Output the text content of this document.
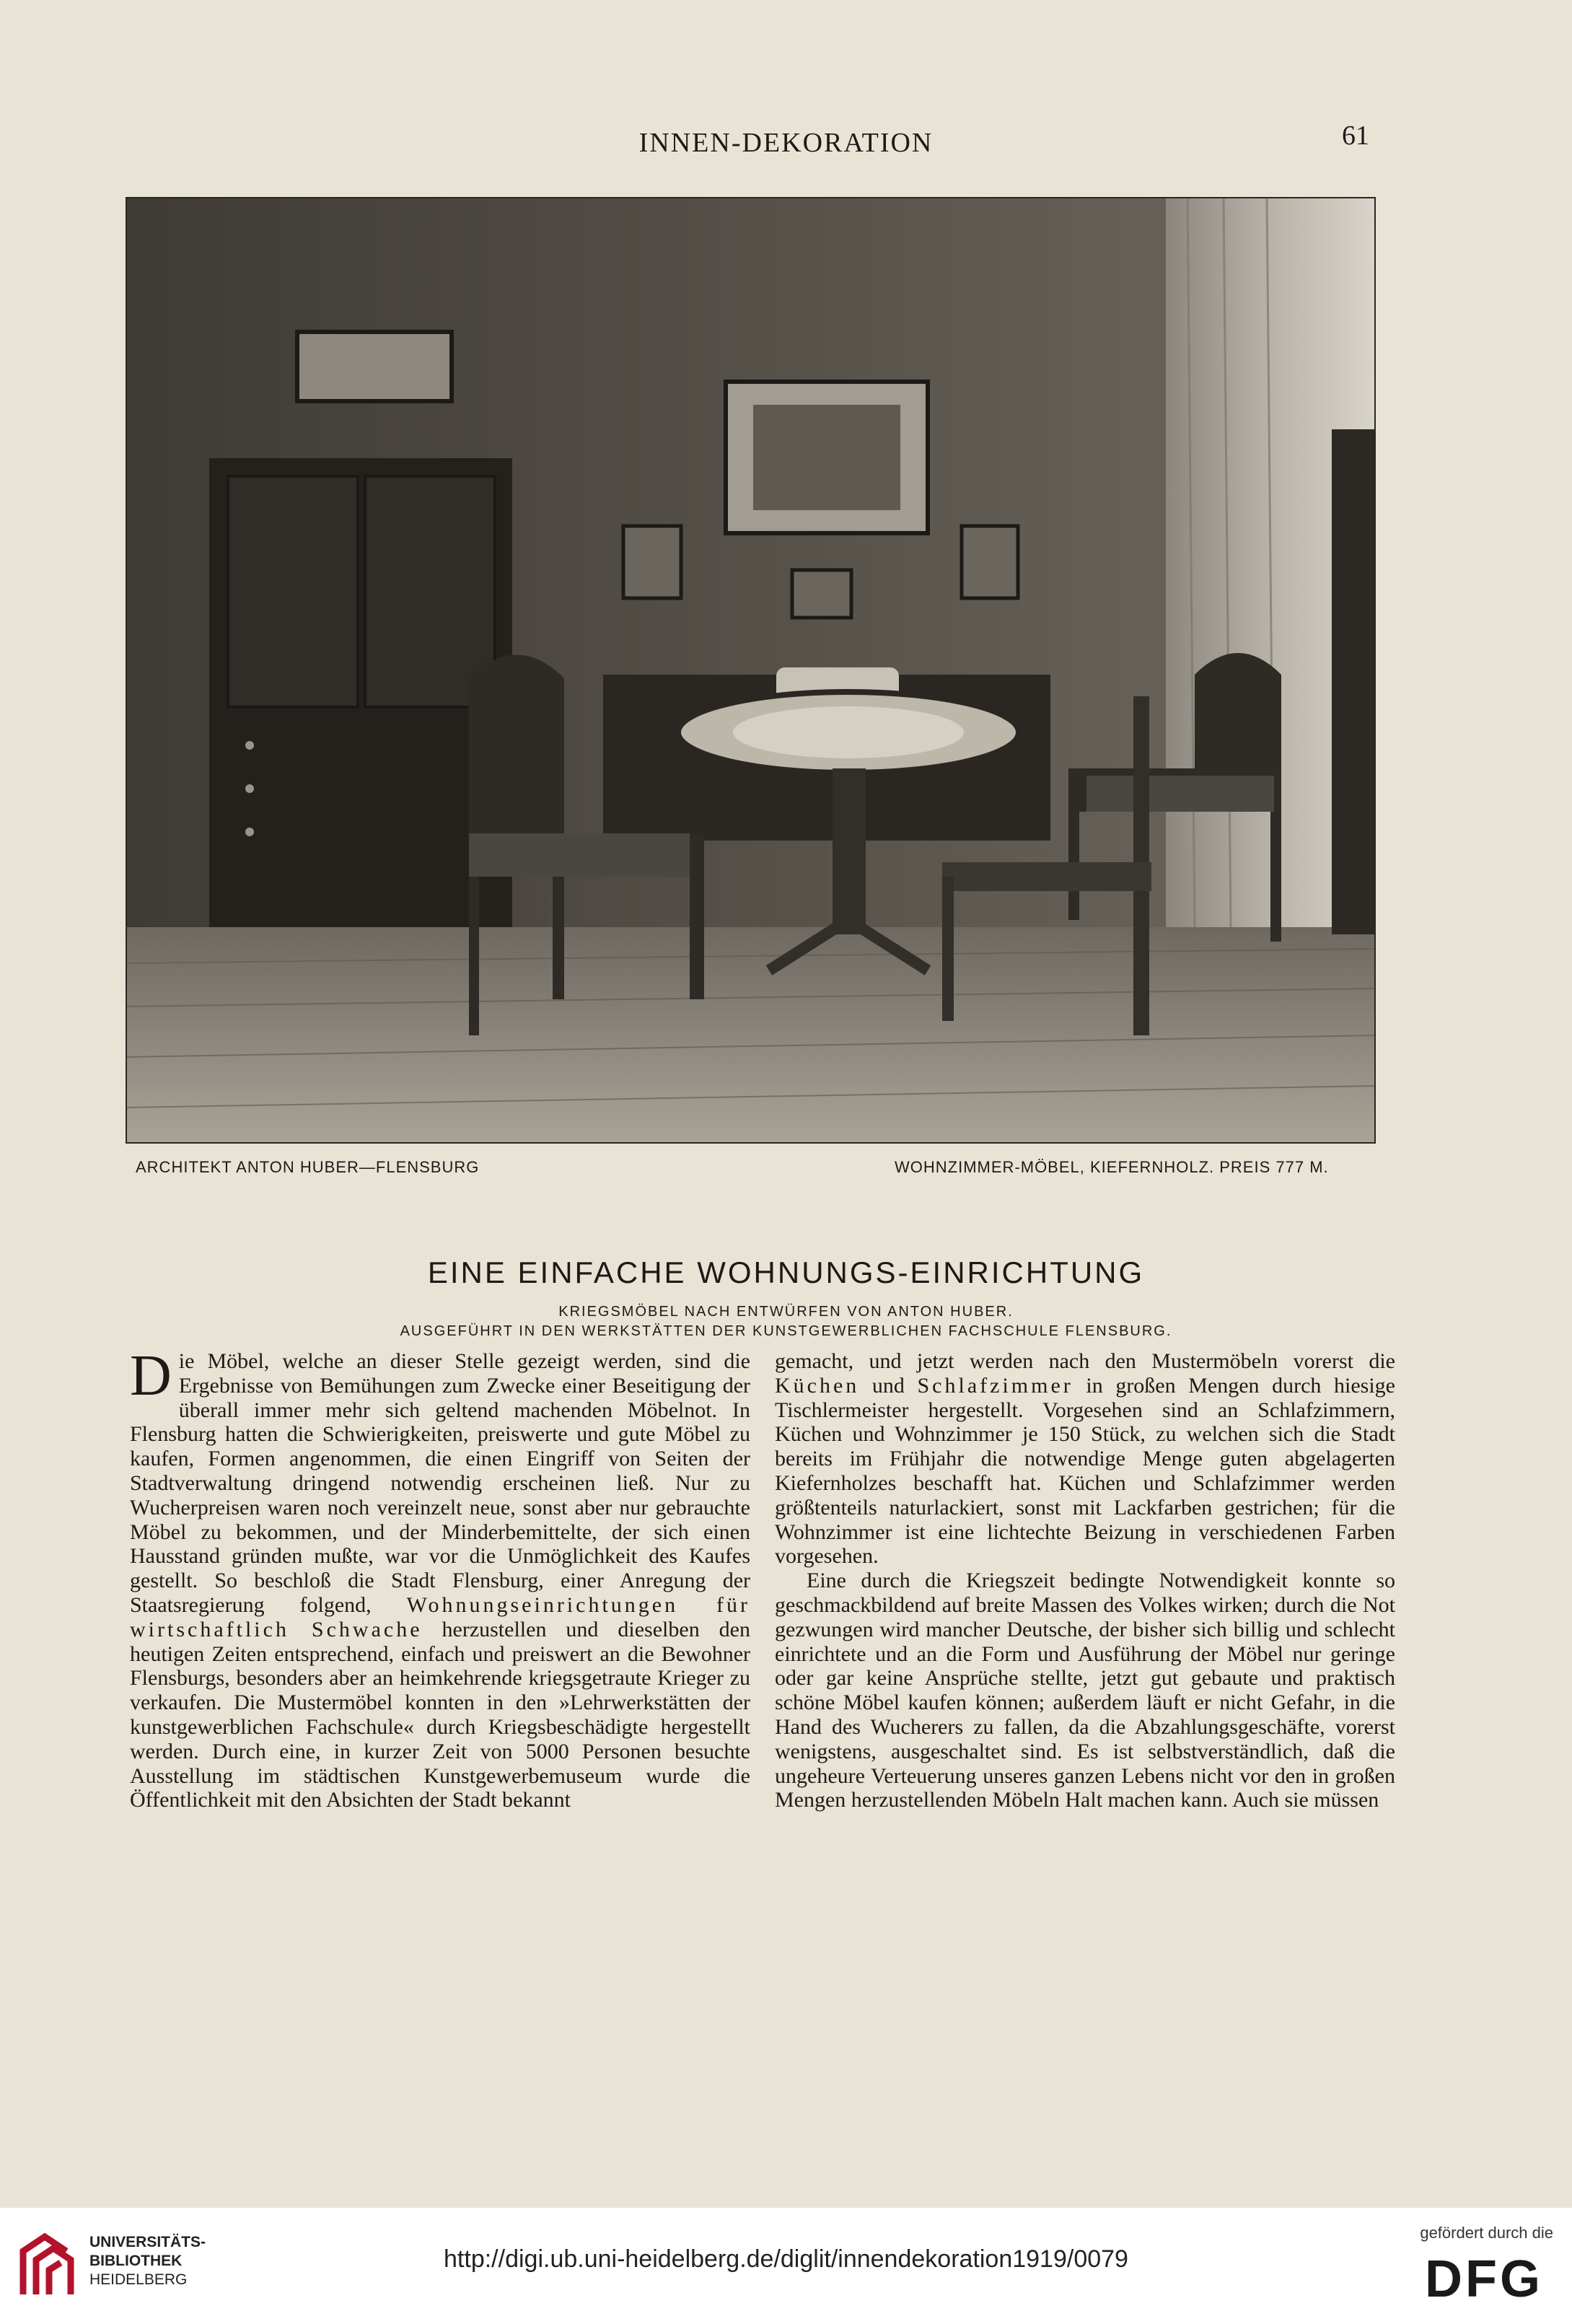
INNEN-DEKORATION	61
ARCHITEKT ANTON HUBER—FLENSBURG	WOHNZIMMER-MÖBEL, KIEFERNHOLZ. PREIS 777 M.
EINE EINFACHE WOHNUNGS-EINRICHTUNG
KRIEGSMÖBEL NACH ENTWÜRFEN VON ANTON HUBER.
AUSGEFÜHRT IN DEN WERKSTÄTTEN DER KUNSTGEWERBLICHEN FACHSCHULE FLENSBURG.

Die Möbel, welche an dieser Stelle gezeigt werden, sind die Ergebnisse von Bemühungen zum Zwecke einer Beseitigung der überall immer mehr sich geltend machenden Möbelnot. In Flensburg hatten die Schwierigkeiten, preiswerte und gute Möbel zu kaufen, Formen angenommen, die einen Eingriff von Seiten der Stadtverwaltung dringend notwendig erscheinen ließ. Nur zu Wucherpreisen waren noch vereinzelt neue, sonst aber nur gebrauchte Möbel zu bekommen, und der Minderbemittelte, der sich einen Hausstand gründen mußte, war vor die Unmöglichkeit des Kaufes gestellt. So beschloß die Stadt Flensburg, einer Anregung der Staatsregierung folgend, Wohnungseinrichtungen für wirtschaftlich Schwache herzustellen und dieselben den heutigen Zeiten entsprechend, einfach und preiswert an die Bewohner Flensburgs, besonders aber an heimkehrende kriegsgetraute Krieger zu verkaufen. Die Mustermöbel konnten in den »Lehrwerkstätten der kunstgewerblichen Fachschule« durch Kriegsbeschädigte hergestellt werden. Durch eine, in kurzer Zeit von 5000 Personen besuchte Ausstellung im städtischen Kunstgewerbemuseum wurde die Öffentlichkeit mit den Absichten der Stadt bekannt

gemacht, und jetzt werden nach den Mustermöbeln vorerst die Küchen und Schlafzimmer in großen Mengen durch hiesige Tischlermeister hergestellt. Vorgesehen sind an Schlafzimmern, Küchen und Wohnzimmer je 150 Stück, zu welchen sich die Stadt bereits im Frühjahr die notwendige Menge guten abgelagerten Kiefernholzes beschafft hat. Küchen und Schlafzimmer werden größtenteils naturlackiert, sonst mit Lackfarben gestrichen; für die Wohnzimmer ist eine lichtechte Beizung in verschiedenen Farben vorgesehen.

Eine durch die Kriegszeit bedingte Notwendigkeit konnte so geschmackbildend auf breite Massen des Volkes wirken; durch die Not gezwungen wird mancher Deutsche, der bisher sich billig und schlecht einrichtete und an die Form und Ausführung der Möbel nur geringe oder gar keine Ansprüche stellte, jetzt gut gebaute und praktisch schöne Möbel kaufen können; außerdem läuft er nicht Gefahr, in die Hand des Wucherers zu fallen, da die Abzahlungsgeschäfte, vorerst wenigstens, ausgeschaltet sind. Es ist selbstverständlich, daß die ungeheure Verteuerung unseres ganzen Lebens nicht vor den in großen Mengen herzustellenden Möbeln Halt machen kann. Auch sie müssen

UNIVERSITÄTS-
BIBLIOTHEK
HEIDELBERG
http://digi.ub.uni-heidelberg.de/diglit/innendekoration1919/0079
gefördert durch die
DFG
